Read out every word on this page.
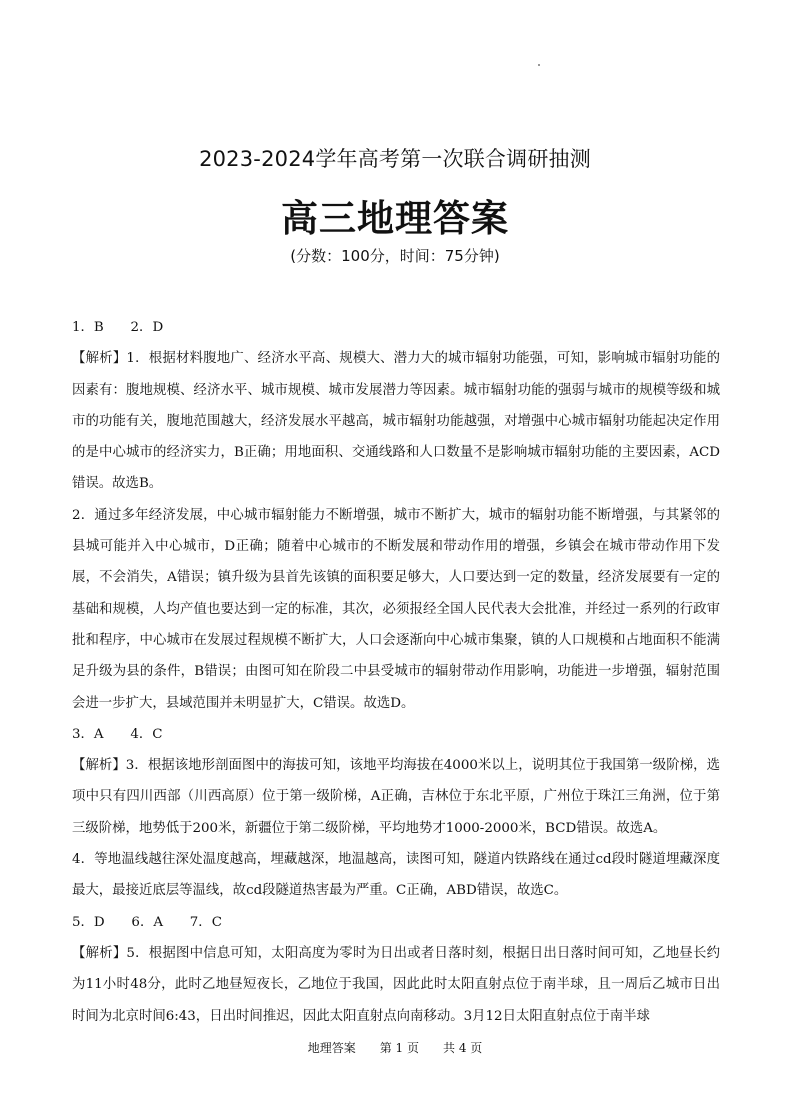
2023-2024学年高考第一次联合调研抽测
高三地理答案
(分数：100分，时间：75分钟)

1．B　　2．D

【解析】1．根据材料腹地广、经济水平高、规模大、潜力大的城市辐射功能强，可知，影响城市辐射功能的因素有：腹地规模、经济水平、城市规模、城市发展潜力等因素。城市辐射功能的强弱与城市的规模等级和城市的功能有关，腹地范围越大，经济发展水平越高，城市辐射功能越强，对增强中心城市辐射功能起决定作用的是中心城市的经济实力，B正确；用地面积、交通线路和人口数量不是影响城市辐射功能的主要因素，ACD错误。故选B。

2．通过多年经济发展，中心城市辐射能力不断增强，城市不断扩大，城市的辐射功能不断增强，与其紧邻的县城可能并入中心城市，D正确；随着中心城市的不断发展和带动作用的增强，乡镇会在城市带动作用下发展，不会消失，A错误；镇升级为县首先该镇的面积要足够大，人口要达到一定的数量，经济发展要有一定的基础和规模，人均产值也要达到一定的标准，其次，必须报经全国人民代表大会批准，并经过一系列的行政审批和程序，中心城市在发展过程规模不断扩大，人口会逐渐向中心城市集聚，镇的人口规模和占地面积不能满足升级为县的条件，B错误；由图可知在阶段二中县受城市的辐射带动作用影响，功能进一步增强，辐射范围会进一步扩大，县域范围并未明显扩大，C错误。故选D。

3．A　　4．C

【解析】3．根据该地形剖面图中的海拔可知，该地平均海拔在4000米以上，说明其位于我国第一级阶梯，选项中只有四川西部（川西高原）位于第一级阶梯，A正确，吉林位于东北平原，广州位于珠江三角洲，位于第三级阶梯，地势低于200米，新疆位于第二级阶梯，平均地势才1000-2000米，BCD错误。故选A。

4．等地温线越往深处温度越高，埋藏越深，地温越高，读图可知，隧道内铁路线在通过cd段时隧道埋藏深度最大，最接近底层等温线，故cd段隧道热害最为严重。C正确，ABD错误，故选C。

5．D　　6．A　　7．C

【解析】5．根据图中信息可知，太阳高度为零时为日出或者日落时刻，根据日出日落时间可知，乙地昼长约为11小时48分，此时乙地昼短夜长，乙地位于我国，因此此时太阳直射点位于南半球，且一周后乙城市日出时间为北京时间6:43，日出时间推迟，因此太阳直射点向南移动。3月12日太阳直射点位于南半球

地理答案　　第 1 页　　共 4 页
